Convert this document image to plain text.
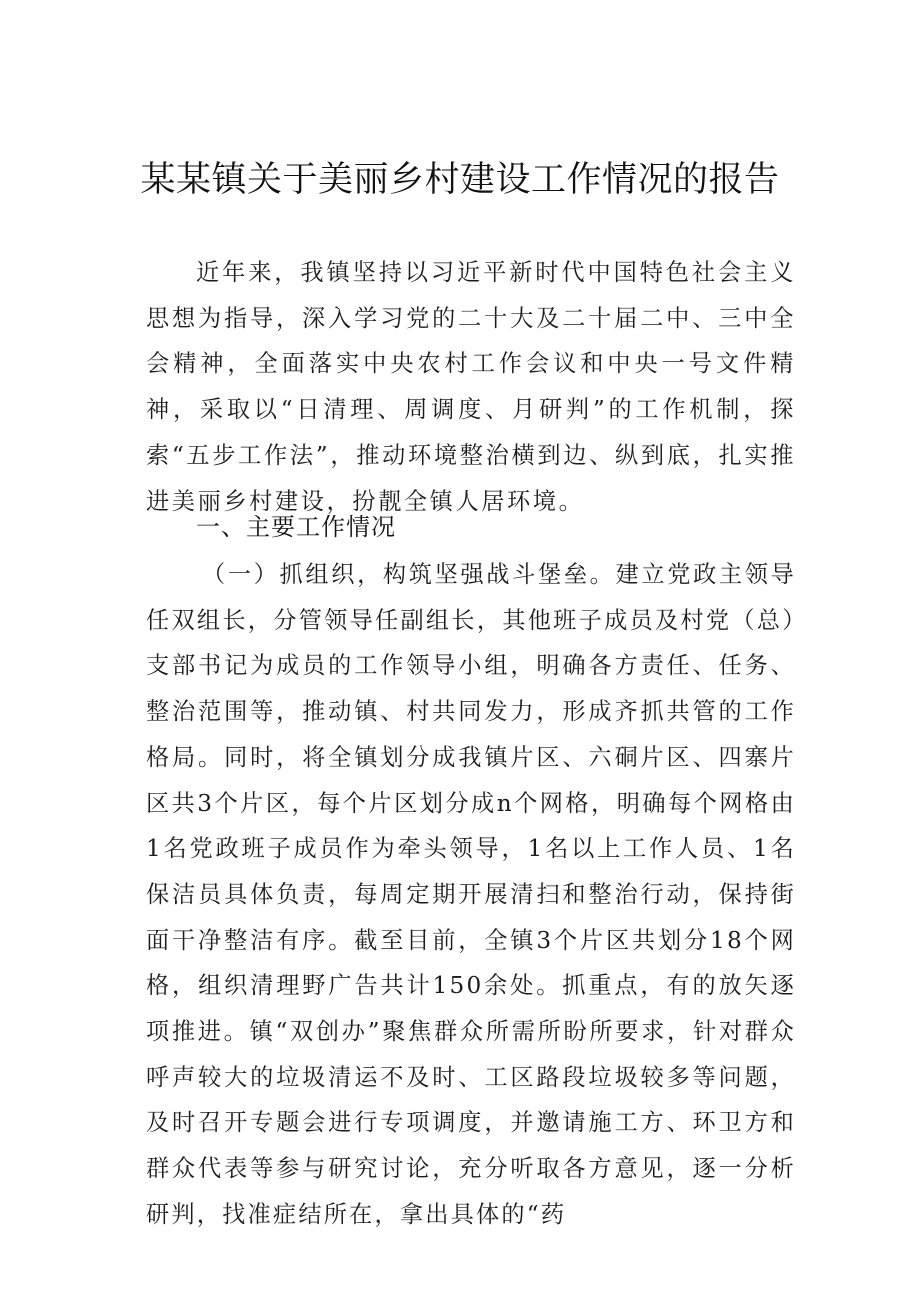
某某镇关于美丽乡村建设工作情况的报告

近年来，我镇坚持以习近平新时代中国特色社会主义思想为指导，深入学习党的二十大及二十届二中、三中全会精神，全面落实中央农村工作会议和中央一号文件精神，采取以“日清理、周调度、月研判”的工作机制，探索“五步工作法”，推动环境整治横到边、纵到底，扎实推进美丽乡村建设，扮靓全镇人居环境。

一、主要工作情况

（一）抓组织，构筑坚强战斗堡垒。建立党政主领导任双组长，分管领导任副组长，其他班子成员及村党（总）支部书记为成员的工作领导小组，明确各方责任、任务、整治范围等，推动镇、村共同发力，形成齐抓共管的工作格局。同时，将全镇划分成我镇片区、六硐片区、四寨片区共3个片区，每个片区划分成n个网格，明确每个网格由1名党政班子成员作为牵头领导，1名以上工作人员、1名保洁员具体负责，每周定期开展清扫和整治行动，保持街面干净整洁有序。截至目前，全镇3个片区共划分18个网格，组织清理野广告共计150余处。抓重点，有的放矢逐项推进。镇“双创办”聚焦群众所需所盼所要求，针对群众呼声较大的垃圾清运不及时、工区路段垃圾较多等问题，及时召开专题会进行专项调度，并邀请施工方、环卫方和群众代表等参与研究讨论，充分听取各方意见，逐一分析研判，找准症结所在，拿出具体的“药
